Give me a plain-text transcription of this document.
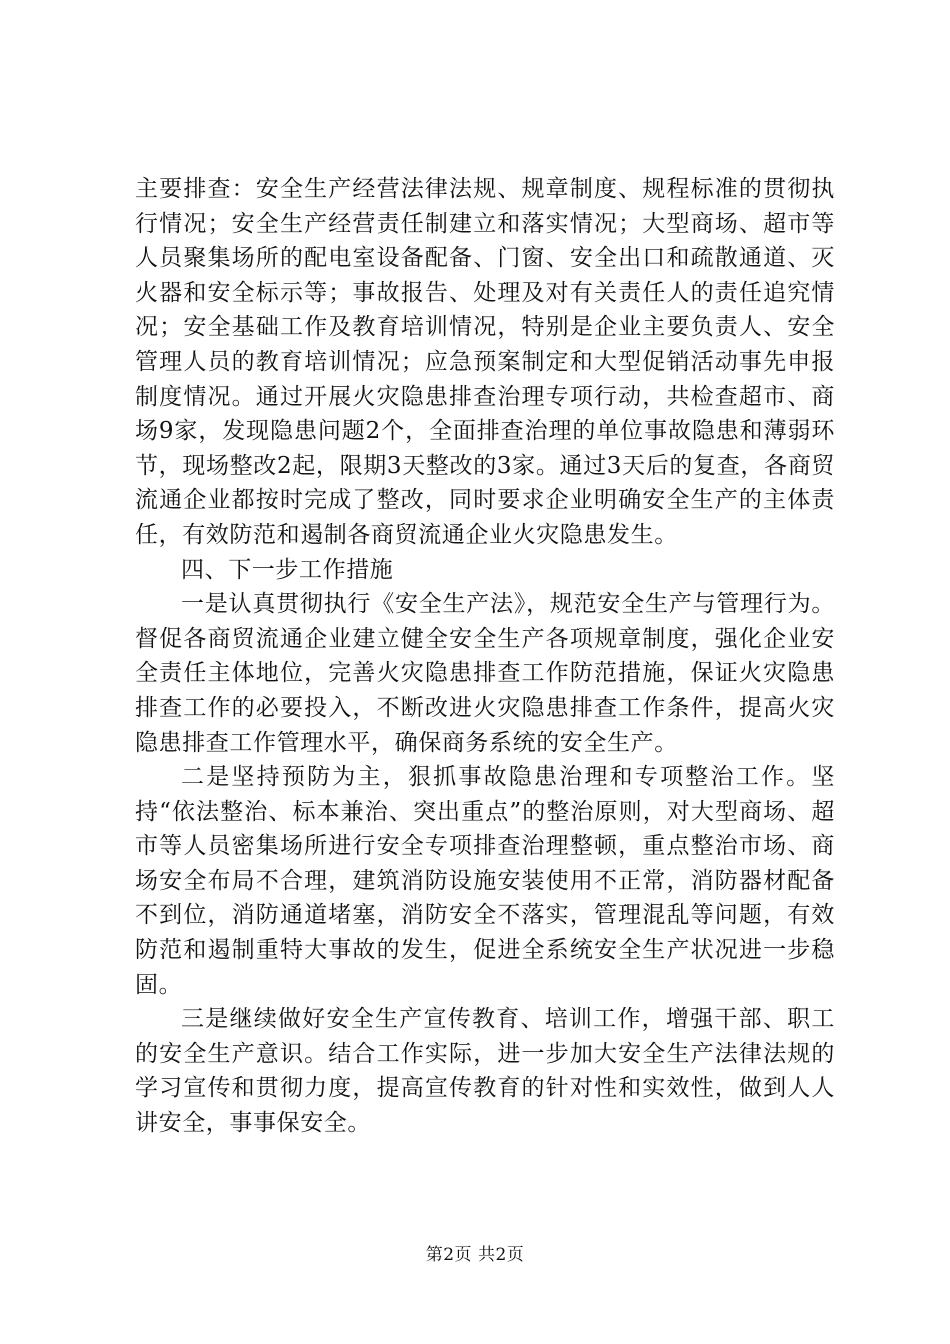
主要排查：安全生产经营法律法规、规章制度、规程标准的贯彻执行情况；安全生产经营责任制建立和落实情况；大型商场、超市等人员聚集场所的配电室设备配备、门窗、安全出口和疏散通道、灭火器和安全标示等；事故报告、处理及对有关责任人的责任追究情况；安全基础工作及教育培训情况，特别是企业主要负责人、安全管理人员的教育培训情况；应急预案制定和大型促销活动事先申报制度情况。通过开展火灾隐患排查治理专项行动，共检查超市、商场9家，发现隐患问题2个，全面排查治理的单位事故隐患和薄弱环节，现场整改2起，限期3天整改的3家。通过3天后的复查，各商贸流通企业都按时完成了整改，同时要求企业明确安全生产的主体责任，有效防范和遏制各商贸流通企业火灾隐患发生。

四、下一步工作措施

一是认真贯彻执行《安全生产法》，规范安全生产与管理行为。督促各商贸流通企业建立健全安全生产各项规章制度，强化企业安全责任主体地位，完善火灾隐患排查工作防范措施，保证火灾隐患排查工作的必要投入，不断改进火灾隐患排查工作条件，提高火灾隐患排查工作管理水平，确保商务系统的安全生产。

二是坚持预防为主，狠抓事故隐患治理和专项整治工作。坚持“依法整治、标本兼治、突出重点”的整治原则，对大型商场、超市等人员密集场所进行安全专项排查治理整顿，重点整治市场、商场安全布局不合理，建筑消防设施安装使用不正常，消防器材配备不到位，消防通道堵塞，消防安全不落实，管理混乱等问题，有效防范和遏制重特大事故的发生，促进全系统安全生产状况进一步稳固。

三是继续做好安全生产宣传教育、培训工作，增强干部、职工的安全生产意识。结合工作实际，进一步加大安全生产法律法规的学习宣传和贯彻力度，提高宣传教育的针对性和实效性，做到人人讲安全，事事保安全。

第2页 共2页
